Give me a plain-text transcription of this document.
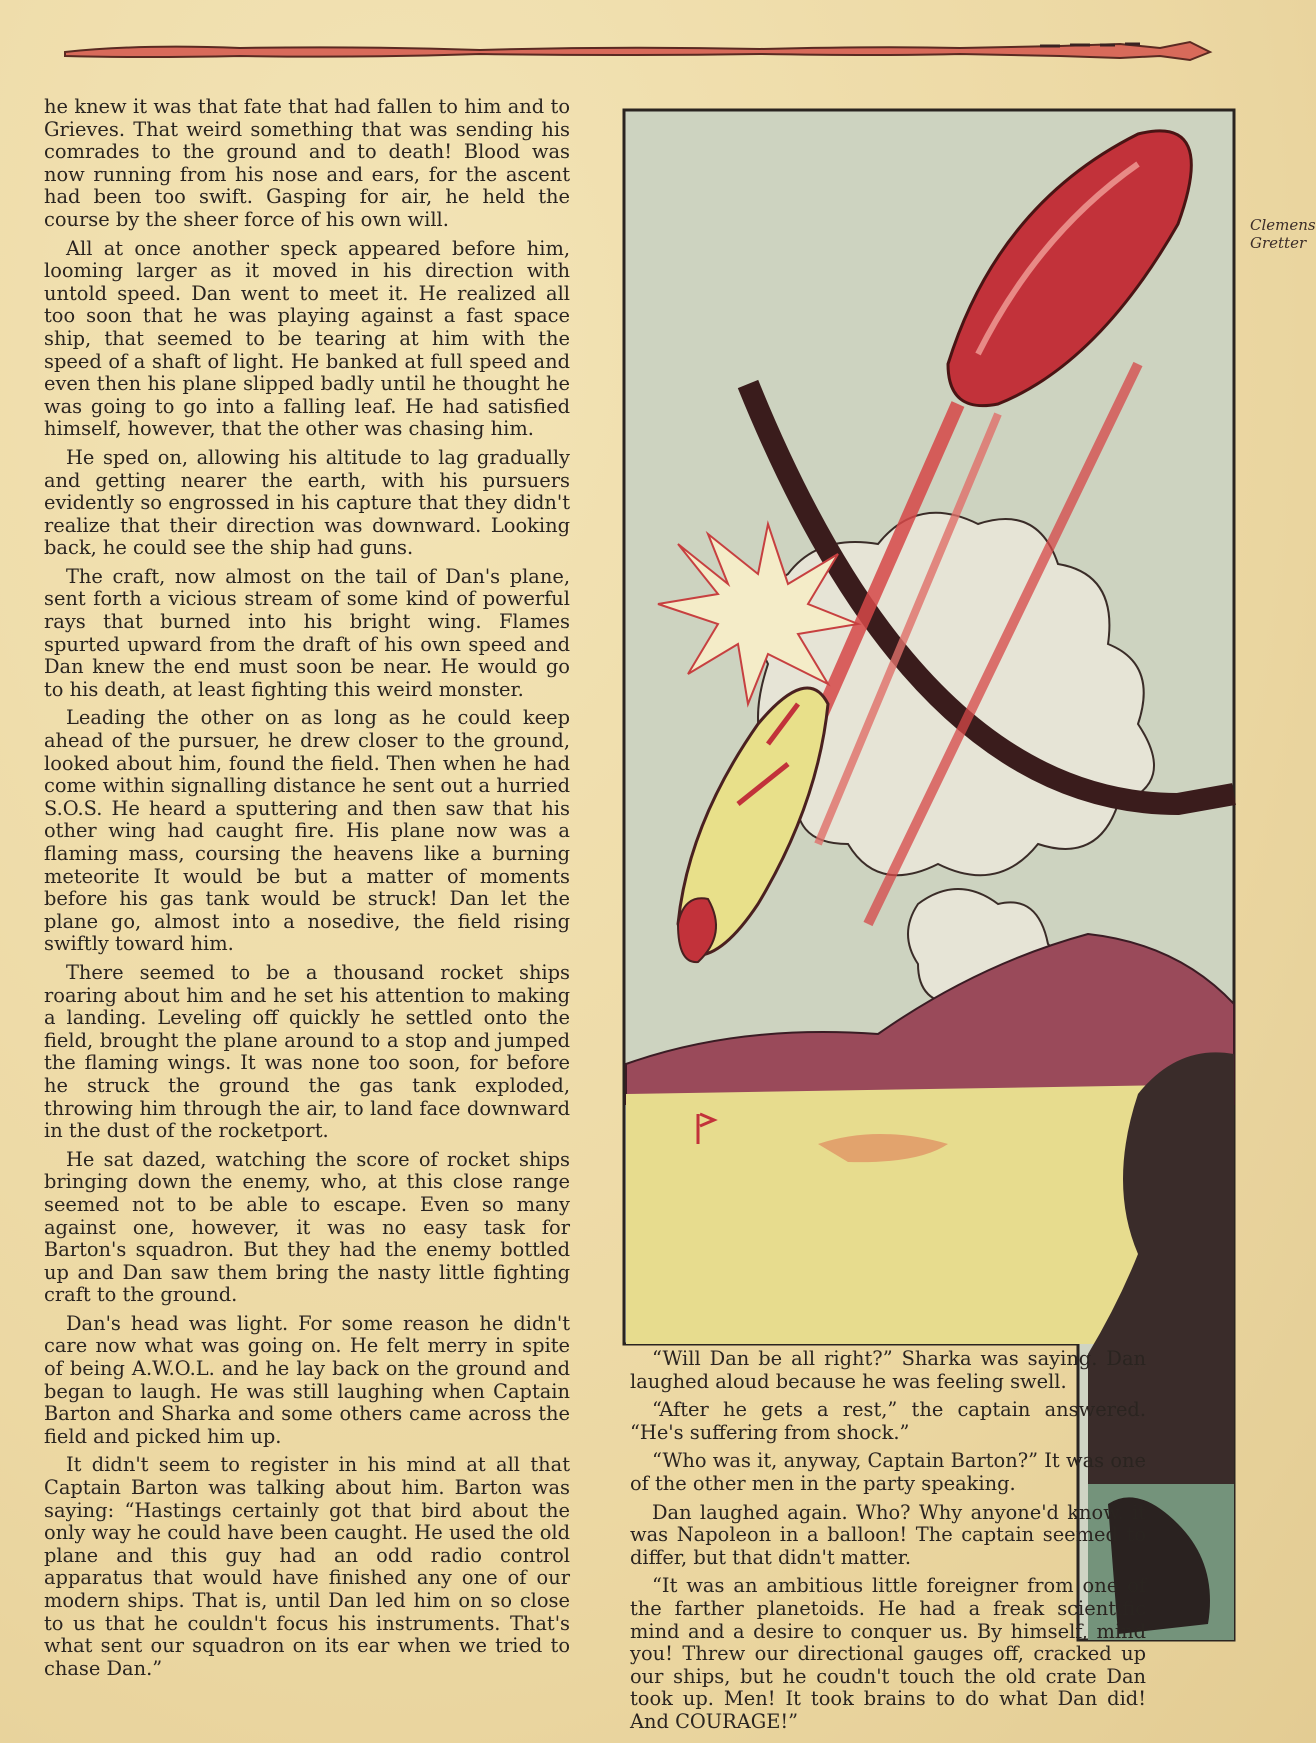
he knew it was that fate that had fallen to him and to Grieves. That weird something that was sending his comrades to the ground and to death! Blood was now running from his nose and ears, for the ascent had been too swift. Gasping for air, he held the course by the sheer force of his own will.

All at once another speck appeared before him, looming larger as it moved in his direction with untold speed. Dan went to meet it. He realized all too soon that he was playing against a fast space ship, that seemed to be tearing at him with the speed of a shaft of light. He banked at full speed and even then his plane slipped badly until he thought he was going to go into a falling leaf. He had satisfied himself, however, that the other was chasing him.

He sped on, allowing his altitude to lag gradually and getting nearer the earth, with his pursuers evidently so engrossed in his capture that they didn't realize that their direction was downward. Looking back, he could see the ship had guns.

The craft, now almost on the tail of Dan's plane, sent forth a vicious stream of some kind of powerful rays that burned into his bright wing. Flames spurted upward from the draft of his own speed and Dan knew the end must soon be near. He would go to his death, at least fighting this weird monster.

Leading the other on as long as he could keep ahead of the pursuer, he drew closer to the ground, looked about him, found the field. Then when he had come within signalling distance he sent out a hurried S.O.S. He heard a sputtering and then saw that his other wing had caught fire. His plane now was a flaming mass, coursing the heavens like a burning meteorite It would be but a matter of moments before his gas tank would be struck! Dan let the plane go, almost into a nosedive, the field rising swiftly toward him.

There seemed to be a thousand rocket ships roaring about him and he set his attention to making a landing. Leveling off quickly he settled onto the field, brought the plane around to a stop and jumped the flaming wings. It was none too soon, for before he struck the ground the gas tank exploded, throwing him through the air, to land face downward in the dust of the rocketport.

He sat dazed, watching the score of rocket ships bringing down the enemy, who, at this close range seemed not to be able to escape. Even so many against one, however, it was no easy task for Barton's squadron. But they had the enemy bottled up and Dan saw them bring the nasty little fighting craft to the ground.

Dan's head was light. For some reason he didn't care now what was going on. He felt merry in spite of being A.W.O.L. and he lay back on the ground and began to laugh. He was still laughing when Captain Barton and Sharka and some others came across the field and picked him up.

It didn't seem to register in his mind at all that Captain Barton was talking about him. Barton was saying: “Hastings certainly got that bird about the only way he could have been caught. He used the old plane and this guy had an odd radio control apparatus that would have finished any one of our modern ships. That is, until Dan led him on so close to us that he couldn't focus his instruments. That's what sent our squadron on its ear when we tried to chase Dan.”

Clemens Gretter

“Will Dan be all right?” Sharka was saying. Dan laughed aloud because he was feeling swell.

“After he gets a rest,” the captain answered. “He's suffering from shock.”

“Who was it, anyway, Captain Barton?” It was one of the other men in the party speaking.

Dan laughed again. Who? Why anyone'd know. it was Napoleon in a balloon! The captain seemed to differ, but that didn't matter.

“It was an ambitious little foreigner from one of the farther planetoids. He had a freak scientific mind and a desire to conquer us. By himself, mind you! Threw our directional gauges off, cracked up our ships, but he coudn't touch the old crate Dan took up. Men! It took brains to do what Dan did! And COURAGE!”
